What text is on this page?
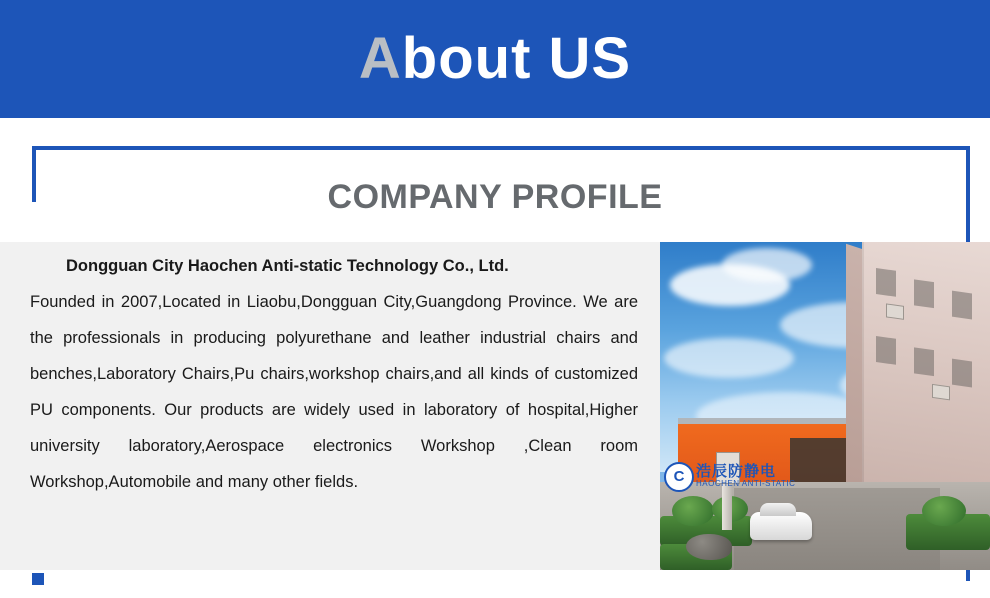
About US
COMPANY PROFILE
Dongguan City Haochen Anti-static Technology Co., Ltd.
Founded in 2007,Located in Liaobu,Dongguan City,Guangdong Province. We are the professionals in producing polyurethane and leather industrial chairs and benches,Laboratory Chairs,Pu chairs,workshop chairs,and all kinds of customized PU components. Our products are widely used in laboratory of hospital,Higher university laboratory,Aerospace electronics Workshop ,Clean room Workshop,Automobile and many other fields.	C 浩辰防静电
HAOCHEN ANTI-STATIC
